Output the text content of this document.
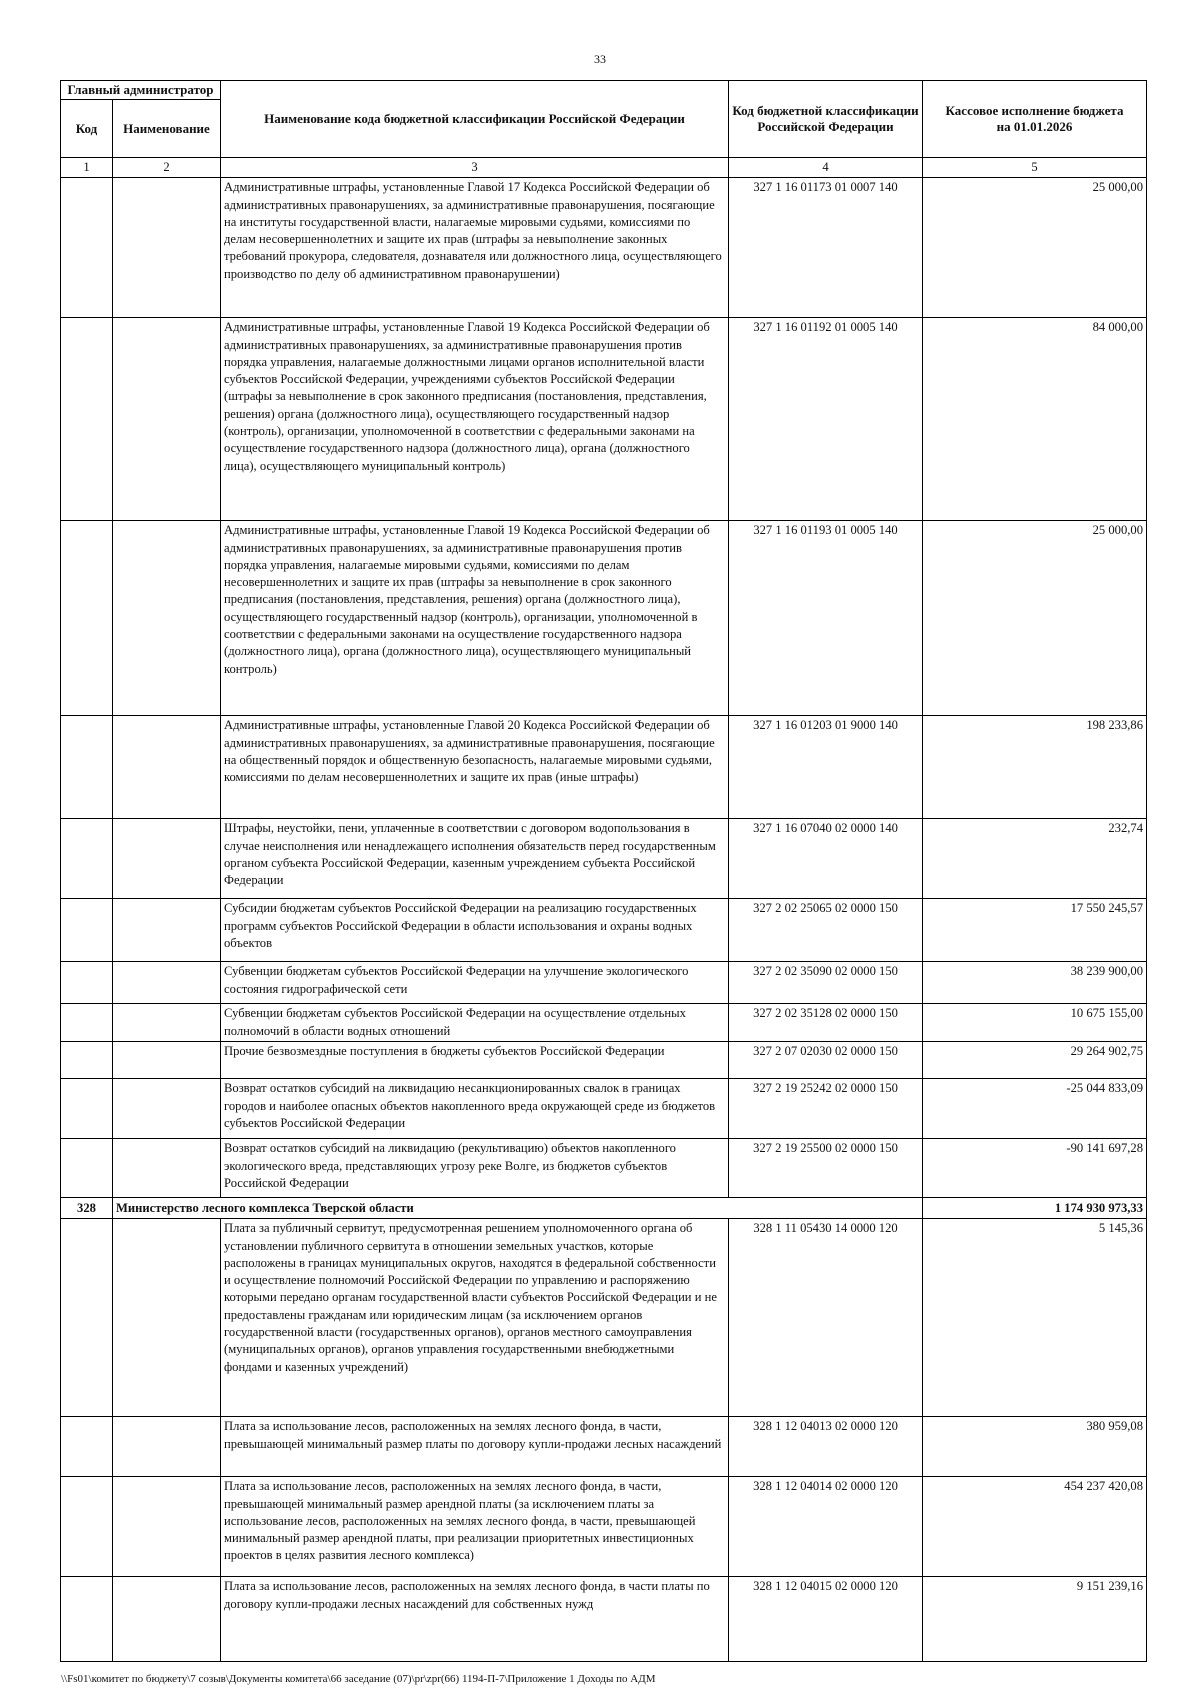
33
Главный администратор		Наименование кода бюджетной классификации Российской Федерации	Код бюджетной классификации Российской Федерации	Кассовое исполнение бюджета
на 01.01.2026
Код	Наименование			
1	2	3	4	5
		Административные штрафы, установленные Главой 17 Кодекса Российской Федерации об административных правонарушениях, за административные правонарушения, посягающие на институты государственной власти, налагаемые мировыми судьями, комиссиями по делам несовершеннолетних и защите их прав (штрафы за невыполнение законных требований прокурора, следователя, дознавателя или должностного лица, осуществляющего производство по делу об административном правонарушении)	327 1 16 01173 01 0007 140	25 000,00
		Административные штрафы, установленные Главой 19 Кодекса Российской Федерации об административных правонарушениях, за административные правонарушения против порядка управления, налагаемые должностными лицами органов исполнительной власти субъектов Российской Федерации, учреждениями субъектов Российской Федерации (штрафы за невыполнение в срок законного предписания (постановления, представления, решения) органа (должностного лица), осуществляющего государственный надзор (контроль), организации, уполномоченной в соответствии с федеральными законами на осуществление государственного надзора (должностного лица), органа (должностного лица), осуществляющего муниципальный контроль)	327 1 16 01192 01 0005 140	84 000,00
		Административные штрафы, установленные Главой 19 Кодекса Российской Федерации об административных правонарушениях, за административные правонарушения против порядка управления, налагаемые мировыми судьями, комиссиями по делам несовершеннолетних и защите их прав (штрафы за невыполнение в срок законного предписания (постановления, представления, решения) органа (должностного лица), осуществляющего государственный надзор (контроль), организации, уполномоченной в соответствии с федеральными законами на осуществление государственного надзора (должностного лица), органа (должностного лица), осуществляющего муниципальный контроль)	327 1 16 01193 01 0005 140	25 000,00
		Административные штрафы, установленные Главой 20 Кодекса Российской Федерации об административных правонарушениях, за административные правонарушения, посягающие на общественный порядок и общественную безопасность, налагаемые мировыми судьями, комиссиями по делам несовершеннолетних и защите их прав (иные штрафы)	327 1 16 01203 01 9000 140	198 233,86
		Штрафы, неустойки, пени, уплаченные в соответствии с договором водопользования в случае неисполнения или ненадлежащего исполнения обязательств перед государственным органом субъекта Российской Федерации, казенным учреждением субъекта Российской Федерации	327 1 16 07040 02 0000 140	232,74
		Субсидии бюджетам субъектов Российской Федерации на реализацию государственных программ субъектов Российской Федерации в области использования и охраны водных объектов	327 2 02 25065 02 0000 150	17 550 245,57
		Субвенции бюджетам субъектов Российской Федерации на улучшение экологического состояния гидрографической сети	327 2 02 35090 02 0000 150	38 239 900,00
		Субвенции бюджетам субъектов Российской Федерации на осуществление отдельных полномочий в области водных отношений	327 2 02 35128 02 0000 150	10 675 155,00
		Прочие безвозмездные поступления в бюджеты субъектов Российской Федерации	327 2 07 02030 02 0000 150	29 264 902,75
		Возврат остатков субсидий на ликвидацию несанкционированных свалок в границах городов и наиболее опасных объектов накопленного вреда окружающей среде из бюджетов субъектов Российской Федерации	327 2 19 25242 02 0000 150	-25 044 833,09
		Возврат остатков субсидий на ликвидацию (рекультивацию) объектов накопленного экологического вреда, представляющих угрозу реке Волге, из бюджетов субъектов Российской Федерации	327 2 19 25500 02 0000 150	-90 141 697,28
328	Министерство лесного комплекса Тверской области			1 174 930 973,33
		Плата за публичный сервитут, предусмотренная решением уполномоченного органа об установлении публичного сервитута в отношении земельных участков, которые расположены в границах муниципальных округов, находятся в федеральной собственности и осуществление полномочий Российской Федерации по управлению и распоряжению которыми передано органам государственной власти субъектов Российской Федерации и не предоставлены гражданам или юридическим лицам (за исключением органов государственной власти (государственных органов), органов местного самоуправления (муниципальных органов), органов управления государственными внебюджетными фондами и казенных учреждений)	328 1 11 05430 14 0000 120	5 145,36
		Плата за использование лесов, расположенных на землях лесного фонда, в части, превышающей минимальный размер платы по договору купли-продажи лесных насаждений	328 1 12 04013 02 0000 120	380 959,08
		Плата за использование лесов, расположенных на землях лесного фонда, в части, превышающей минимальный размер арендной платы (за исключением платы за использование лесов, расположенных на землях лесного фонда, в части, превышающей минимальный размер арендной платы, при реализации приоритетных инвестиционных проектов в целях развития лесного комплекса)	328 1 12 04014 02 0000 120	454 237 420,08
		Плата за использование лесов, расположенных на землях лесного фонда, в части платы по договору купли-продажи лесных насаждений для собственных нужд	328 1 12 04015 02 0000 120	9 151 239,16
\\Fs01\комитет по бюджету\7 созыв\Документы комитета\66 заседание (07)\pr\zpr(66) 1194-П-7\Приложение 1 Доходы по АДМ
